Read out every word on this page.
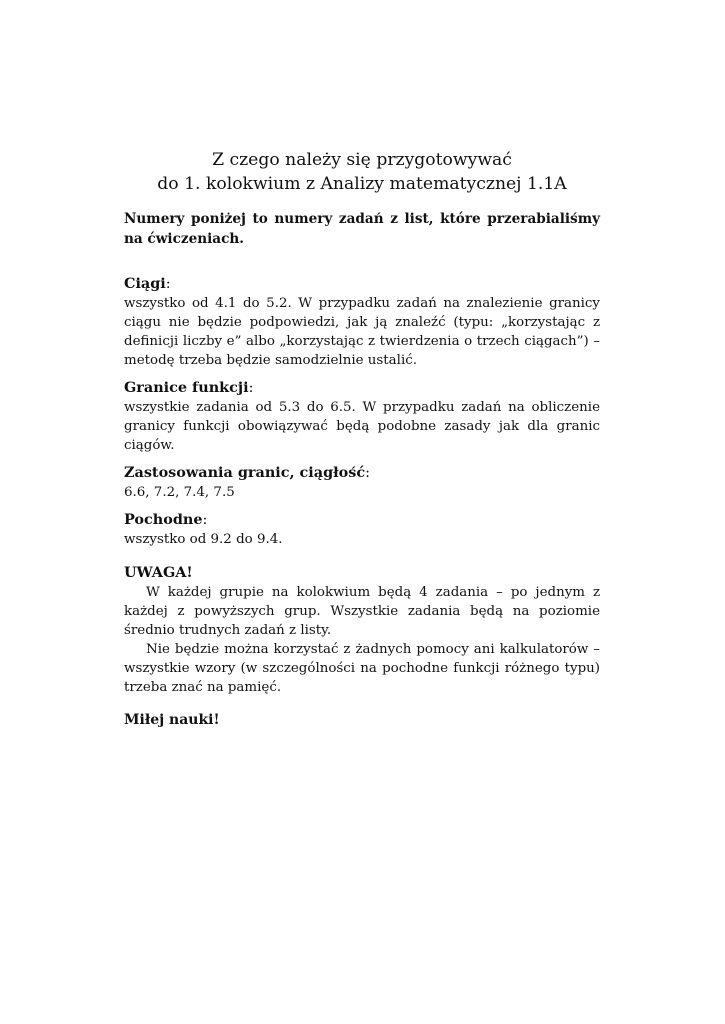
Z czego należy się przygotowywać
do 1. kolokwium z Analizy matematycznej 1.1A
Numery poniżej to numery zadań z list, które przerabialiśmy na ćwiczeniach.
Ciągi:
wszystko od 4.1 do 5.2. W przypadku zadań na znalezienie granicy ciągu nie będzie podpowiedzi, jak ją znaleźć (typu: „korzystając z definicji liczby e” albo „korzystając z twierdzenia o trzech ciągach”) – metodę trzeba będzie samodzielnie ustalić.
Granice funkcji:
wszystkie zadania od 5.3 do 6.5. W przypadku zadań na obliczenie granicy funkcji obowiązywać będą podobne zasady jak dla granic ciągów.
Zastosowania granic, ciągłość:
6.6, 7.2, 7.4, 7.5
Pochodne:
wszystko od 9.2 do 9.4.
UWAGA!

W każdej grupie na kolokwium będą 4 zadania – po jednym z każdej z powyższych grup. Wszystkie zadania będą na poziomie średnio trudnych zadań z listy.

Nie będzie można korzystać z żadnych pomocy ani kalkulatorów – wszystkie wzory (w szczególności na pochodne funkcji różnego typu) trzeba znać na pamięć.

Miłej nauki!
